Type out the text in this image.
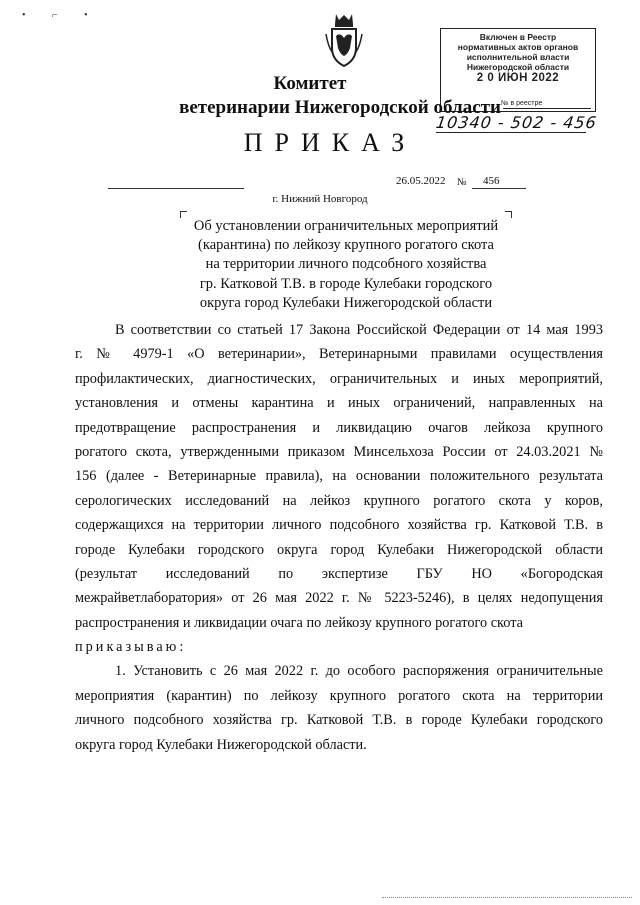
• ⌐ •
Включен в Реестр
нормативных актов органов
исполнительной власти
Нижегородской области
2 0 ИЮН 2022
№ в реестре
10340 - 502 - 456
Комитет
ветеринарии Нижегородской области
ПРИКАЗ
26.05.2022 № 456
г. Нижний Новгород
Об установлении ограничительных мероприятий
(карантина) по лейкозу крупного рогатого скота
на территории личного подсобного хозяйства
гр. Катковой Т.В. в городе Кулебаки городского
округа город Кулебаки Нижегородской области
В соответствии со статьей 17 Закона Российской Федерации от 14 мая 1993
г. № 4979-1 «О ветеринарии», Ветеринарными правилами осуществления
профилактических, диагностических, ограничительных и иных мероприятий,
установления и отмены карантина и иных ограничений, направленных на
предотвращение распространения и ликвидацию очагов лейкоза крупного
рогатого скота, утвержденными приказом Минсельхоза России от 24.03.2021 №
156 (далее - Ветеринарные правила), на основании положительного результата
серологических исследований на лейкоз крупного рогатого скота у коров,
содержащихся на территории личного подсобного хозяйства гр. Катковой Т.В. в
городе Кулебаки городского округа город Кулебаки Нижегородской области
(результат исследований по экспертизе ГБУ НО «Богородская
межрайветлаборатория» от 26 мая 2022 г. № 5223-5246), в целях недопущения
распространения и ликвидации очага по лейкозу крупного рогатого скота
приказываю:
1. Установить с 26 мая 2022 г. до особого распоряжения ограничительные
мероприятия (карантин) по лейкозу крупного рогатого скота на территории
личного подсобного хозяйства гр. Катковой Т.В. в городе Кулебаки городского
округа город Кулебаки Нижегородской области.
